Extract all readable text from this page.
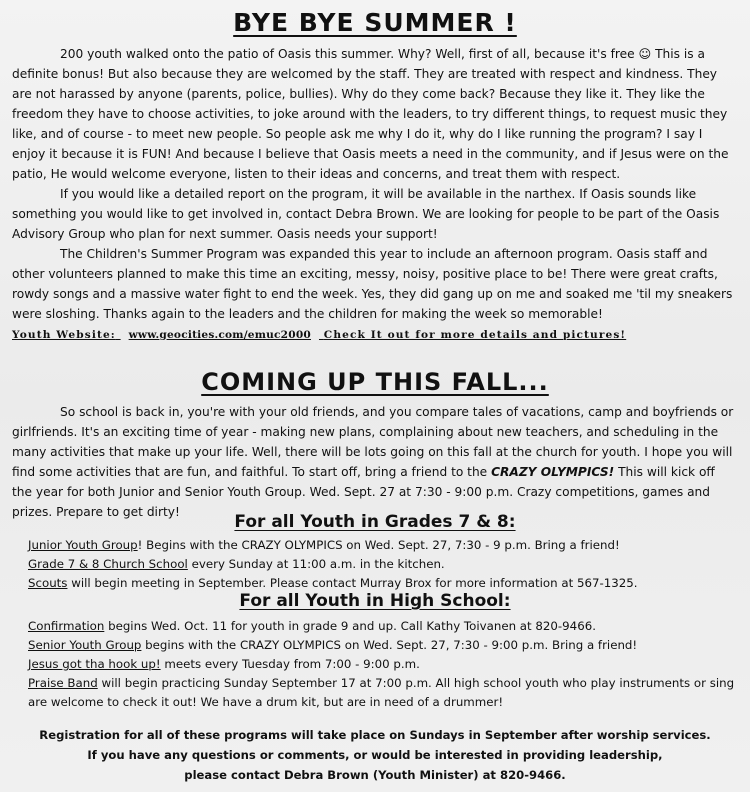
BYE BYE SUMMER !

200 youth walked onto the patio of Oasis this summer. Why? Well, first of all, because it's free ☺ This is a definite bonus! But also because they are welcomed by the staff. They are treated with respect and kindness. They are not harassed by anyone (parents, police, bullies). Why do they come back? Because they like it. They like the freedom they have to choose activities, to joke around with the leaders, to try different things, to request music they like, and of course - to meet new people. So people ask me why I do it, why do I like running the program? I say I enjoy it because it is FUN! And because I believe that Oasis meets a need in the community, and if Jesus were on the patio, He would welcome everyone, listen to their ideas and concerns, and treat them with respect.

If you would like a detailed report on the program, it will be available in the narthex. If Oasis sounds like something you would like to get involved in, contact Debra Brown. We are looking for people to be part of the Oasis Advisory Group who plan for next summer. Oasis needs your support!

The Children's Summer Program was expanded this year to include an afternoon program. Oasis staff and other volunteers planned to make this time an exciting, messy, noisy, positive place to be! There were great crafts, rowdy songs and a massive water fight to end the week. Yes, they did gang up on me and soaked me 'til my sneakers were sloshing. Thanks again to the leaders and the children for making the week so memorable!

Youth Website: www.geocities.com/emuc2000 Check It out for more details and pictures!
COMING UP THIS FALL...

So school is back in, you're with your old friends, and you compare tales of vacations, camp and boyfriends or girlfriends. It's an exciting time of year - making new plans, complaining about new teachers, and scheduling in the many activities that make up your life. Well, there will be lots going on this fall at the church for youth. I hope you will find some activities that are fun, and faithful. To start off, bring a friend to the CRAZY OLYMPICS! This will kick off the year for both Junior and Senior Youth Group. Wed. Sept. 27 at 7:30 - 9:00 p.m. Crazy competitions, games and prizes. Prepare to get dirty!	For all Youth in Grades 7 & 8:

Junior Youth Group! Begins with the CRAZY OLYMPICS on Wed. Sept. 27, 7:30 - 9 p.m. Bring a friend!
Grade 7 & 8 Church School every Sunday at 11:00 a.m. in the kitchen.
Scouts will begin meeting in September. Please contact Murray Brox for more information at 567-1325.

For all Youth in High School:

Confirmation begins Wed. Oct. 11 for youth in grade 9 and up. Call Kathy Toivanen at 820-9466.
Senior Youth Group begins with the CRAZY OLYMPICS on Wed. Sept. 27, 7:30 - 9:00 p.m. Bring a friend!
Jesus got tha hook up! meets every Tuesday from 7:00 - 9:00 p.m.
Praise Band will begin practicing Sunday September 17 at 7:00 p.m. All high school youth who play instruments or sing are welcome to check it out! We have a drum kit, but are in need of a drummer!
Registration for all of these programs will take place on Sundays in September after worship services.
If you have any questions or comments, or would be interested in providing leadership,
please contact Debra Brown (Youth Minister) at 820-9466.
